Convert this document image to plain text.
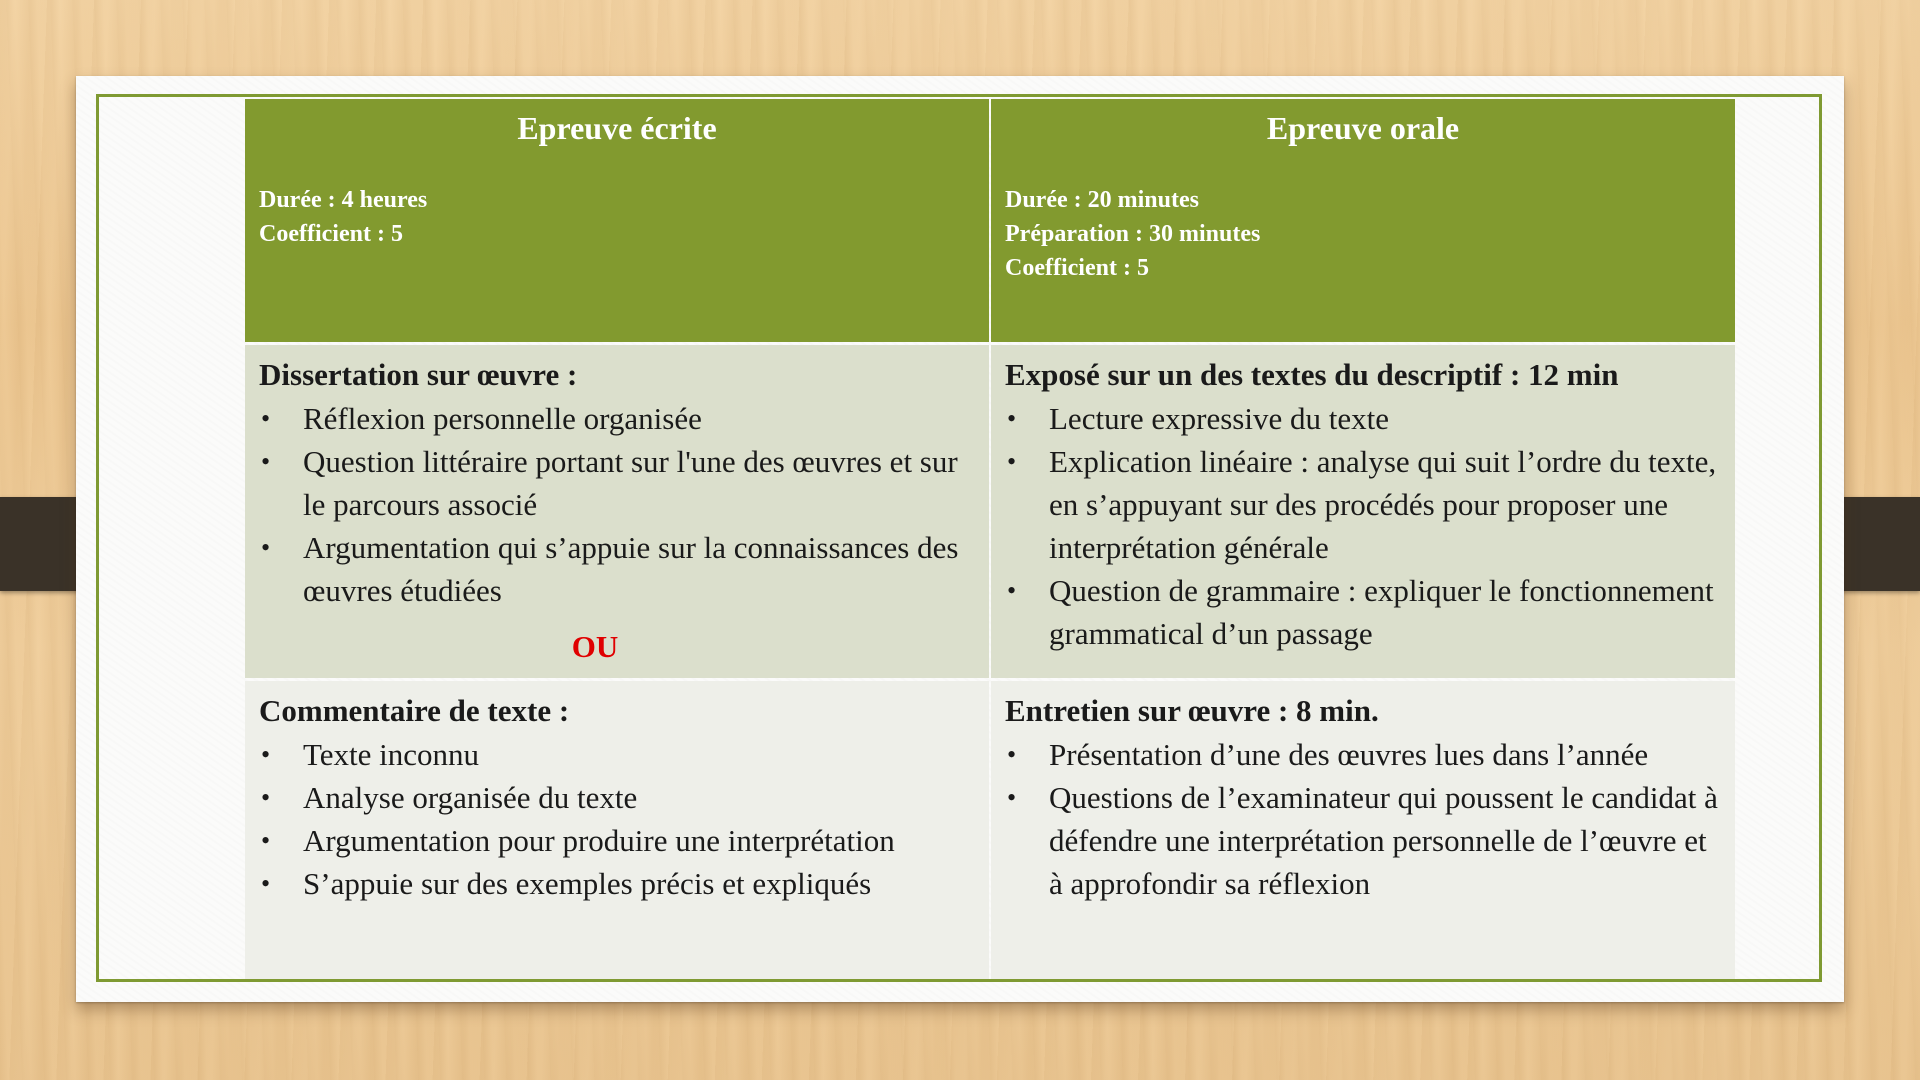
Epreuve écrite
Durée : 4 heures
Coefficient : 5
Epreuve orale
Durée : 20 minutes
Préparation : 30 minutes
Coefficient : 5
Dissertation sur œuvre :
• Réflexion personnelle organisée
• Question littéraire portant sur l'une des œuvres et sur le parcours associé
• Argumentation qui s’appuie sur la connaissances des œuvres étudiées
OU
Exposé sur un des textes du descriptif : 12 min
• Lecture expressive du texte
• Explication linéaire : analyse qui suit l’ordre du texte, en s’appuyant sur des procédés pour proposer une interprétation générale
• Question de grammaire : expliquer le fonctionnement grammatical d’un passage
Commentaire de texte :
• Texte inconnu
• Analyse organisée du texte
• Argumentation pour produire une interprétation
• S’appuie sur des exemples précis et expliqués
Entretien sur œuvre : 8 min.
• Présentation d’une des œuvres lues dans l’année
• Questions de l’examinateur qui poussent le candidat à défendre une interprétation personnelle de l’œuvre et à approfondir sa réflexion
